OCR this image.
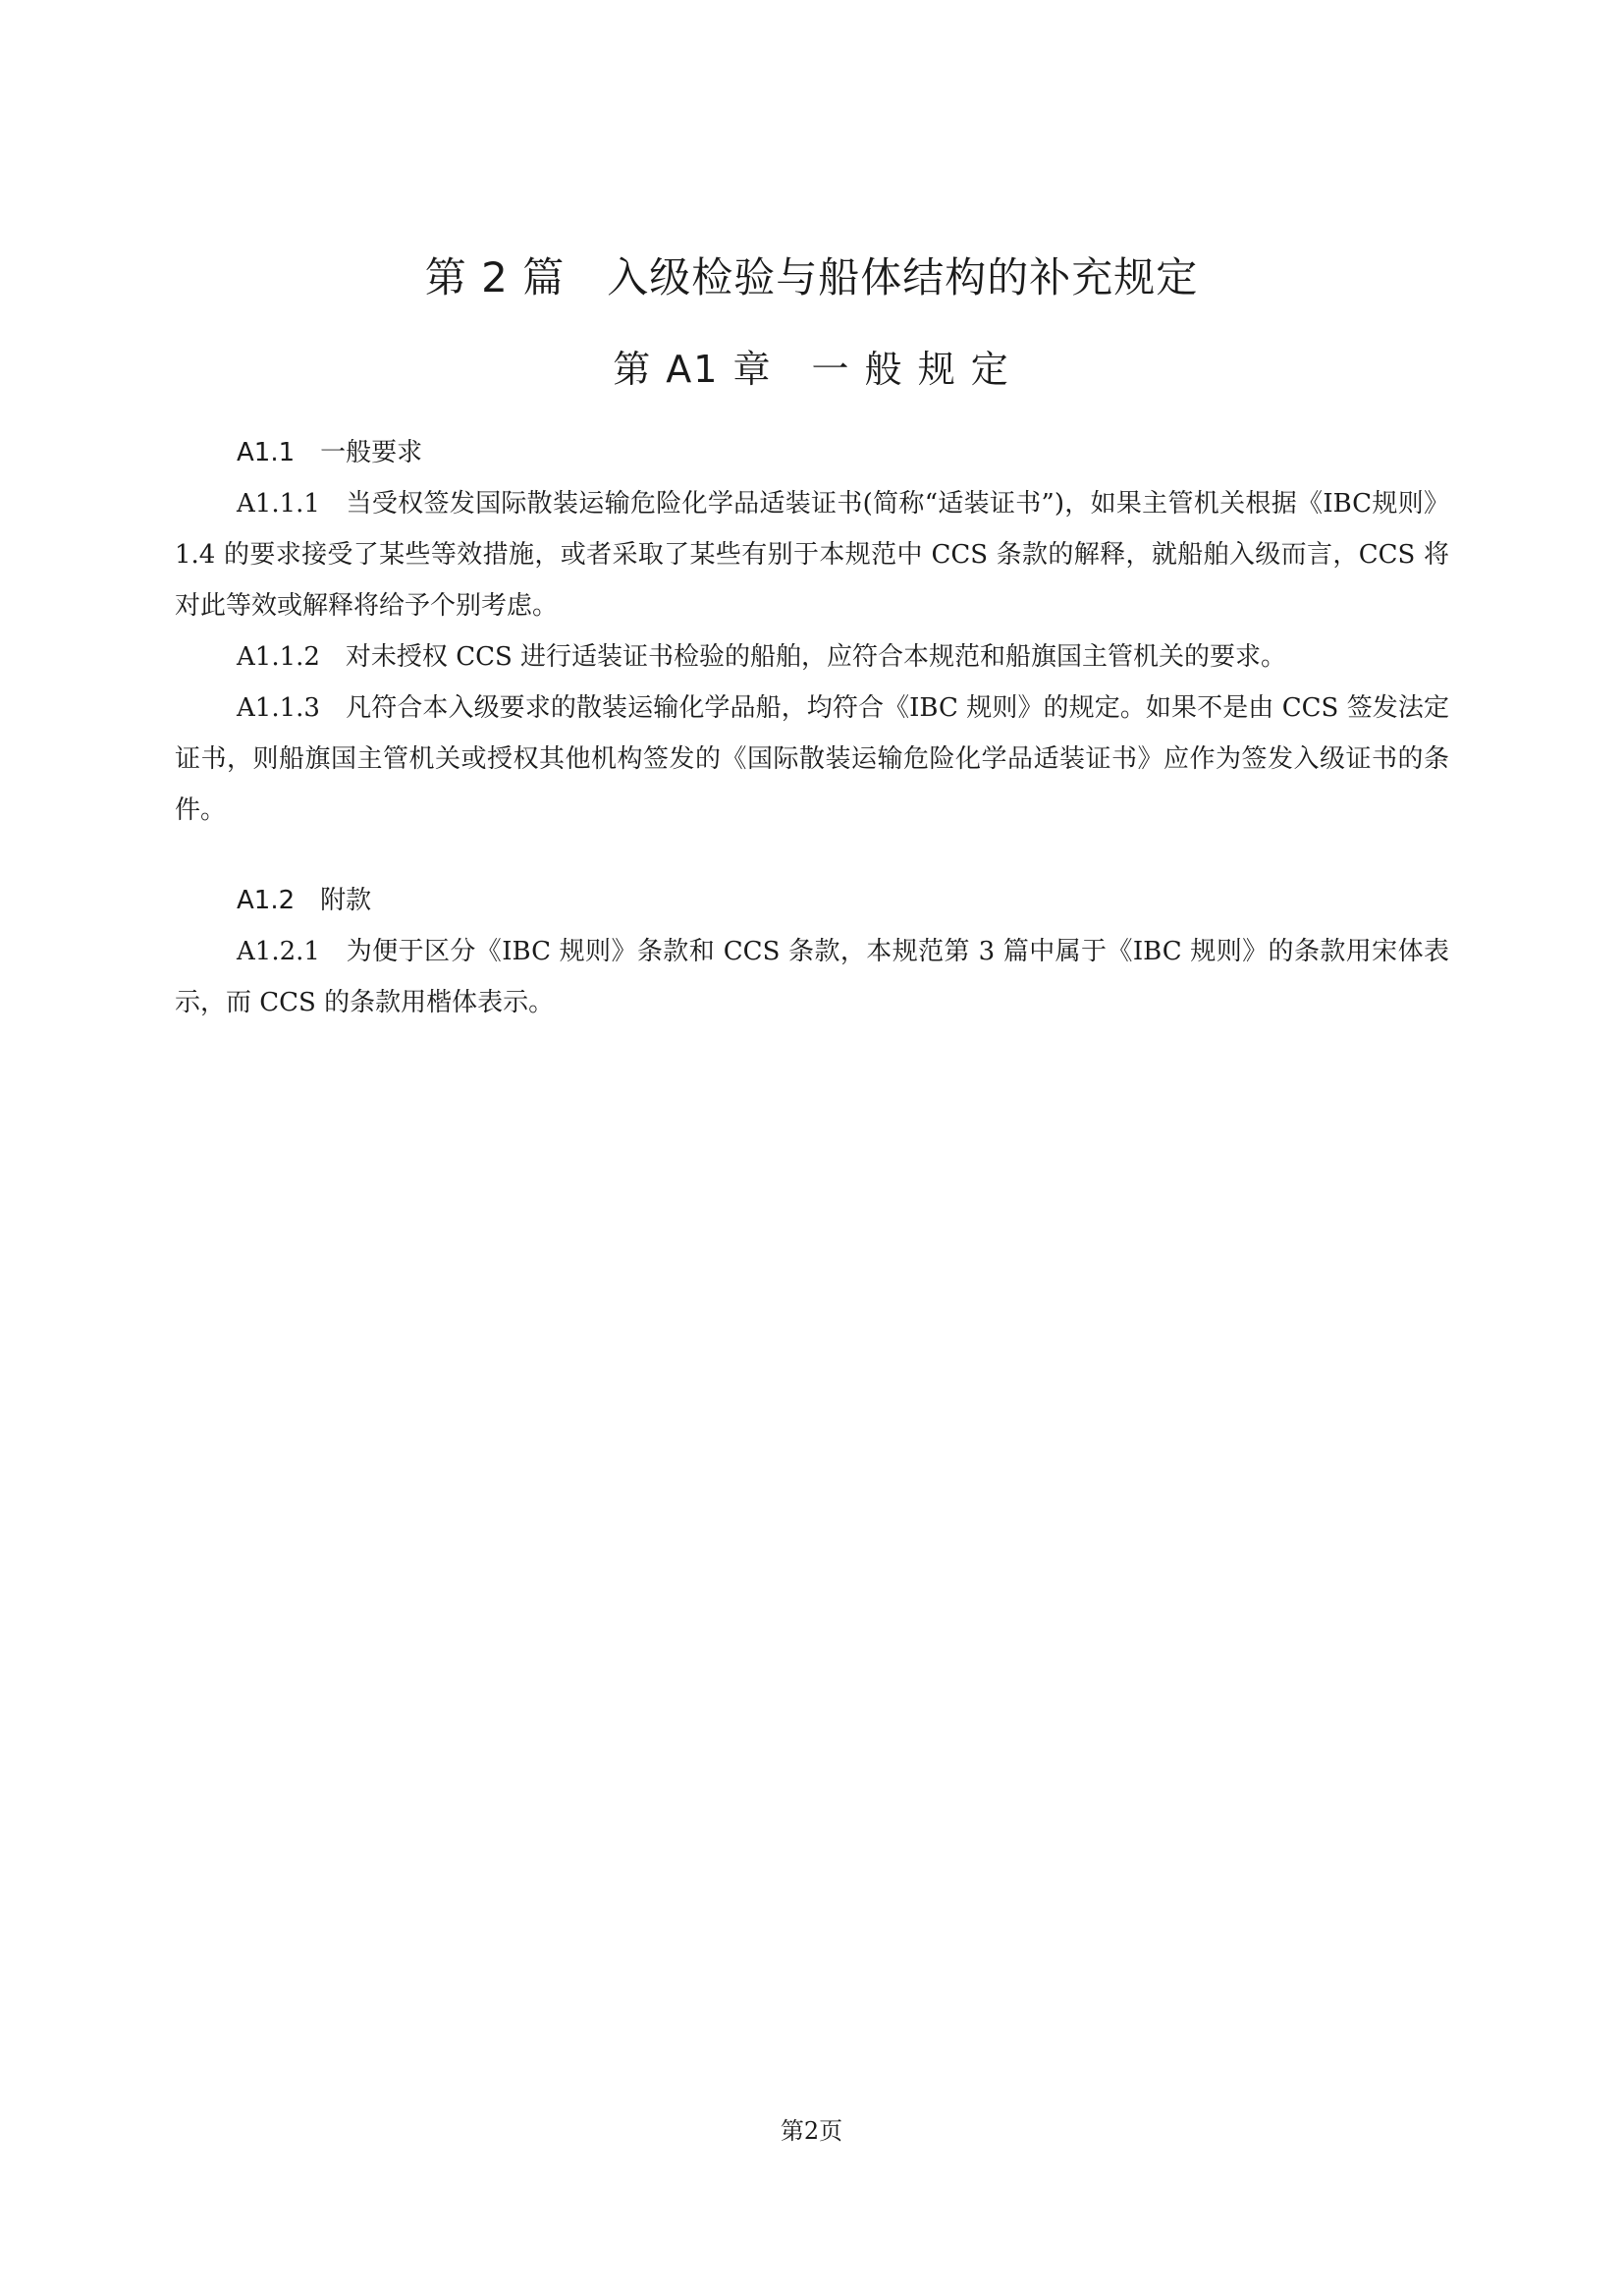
第 2 篇　入级检验与船体结构的补充规定
第 A1 章　一 般 规 定
A1.1　一般要求

A1.1.1　当受权签发国际散装运输危险化学品适装证书(简称“适装证书”)，如果主管机关根据《IBC规则》1.4 的要求接受了某些等效措施，或者采取了某些有别于本规范中 CCS 条款的解释，就船舶入级而言，CCS 将对此等效或解释将给予个别考虑。

A1.1.2　对未授权 CCS 进行适装证书检验的船舶，应符合本规范和船旗国主管机关的要求。

A1.1.3　凡符合本入级要求的散装运输化学品船，均符合《IBC 规则》的规定。如果不是由 CCS 签发法定证书，则船旗国主管机关或授权其他机构签发的《国际散装运输危险化学品适装证书》应作为签发入级证书的条件。

A1.2　附款

A1.2.1　为便于区分《IBC 规则》条款和 CCS 条款，本规范第 3 篇中属于《IBC 规则》的条款用宋体表示，而 CCS 的条款用楷体表示。

第2页
